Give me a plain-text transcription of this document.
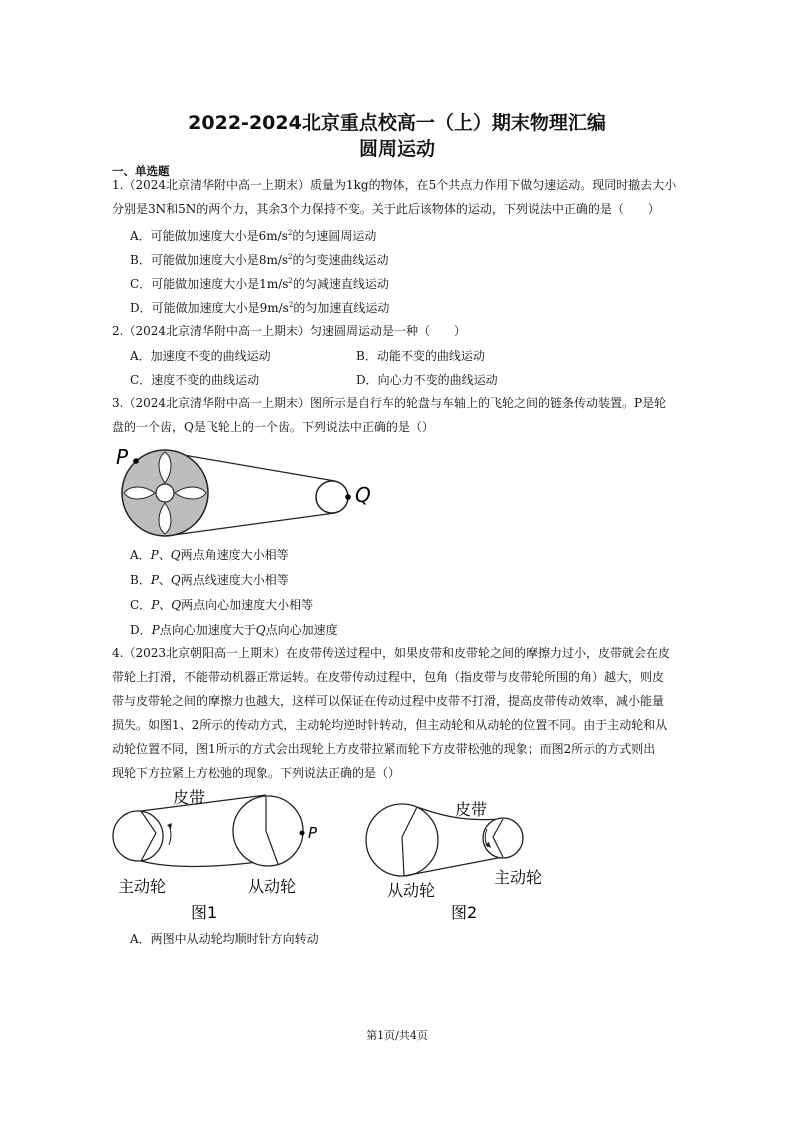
2022-2024北京重点校高一（上）期末物理汇编
圆周运动
一、单选题
1.（2024北京清华附中高一上期末）质量为1kg的物体，在5个共点力作用下做匀速运动。现同时撤去大小
分别是3N和5N的两个力，其余3个力保持不变。关于此后该物体的运动，下列说法中正确的是（　　）
A．可能做加速度大小是$6m/s^2$的匀速圆周运动
B．可能做加速度大小是$8m/s^2$的匀变速曲线运动
C．可能做加速度大小是$1m/s^2$的匀减速直线运动
D．可能做加速度大小是$9m/s^2$的匀加速直线运动
2.（2024北京清华附中高一上期末）匀速圆周运动是一种（　　）
A．加速度不变的曲线运动	B．动能不变的曲线运动
C．速度不变的曲线运动	D．向心力不变的曲线运动
3.（2024北京清华附中高一上期末）图所示是自行车的轮盘与车轴上的飞轮之间的链条传动装置。P是轮
盘的一个齿，Q是飞轮上的一个齿。下列说法中正确的是（）
P
Q
A．P、Q两点角速度大小相等
B．P、Q两点线速度大小相等
C．P、Q两点向心加速度大小相等
D．P点向心加速度大于Q点向心加速度
4.（2023北京朝阳高一上期末）在皮带传送过程中，如果皮带和皮带轮之间的摩擦力过小，皮带就会在皮
带轮上打滑，不能带动机器正常运转。在皮带传动过程中，包角（指皮带与皮带轮所围的角）越大，则皮
带与皮带轮之间的摩擦力也越大，这样可以保证在传动过程中皮带不打滑，提高皮带传动效率，减小能量
损失。如图1、2所示的传动方式，主动轮均逆时针转动，但主动轮和从动轮的位置不同。由于主动轮和从
动轮位置不同，图1所示的方式会出现轮上方皮带拉紧而轮下方皮带松弛的现象；而图2所示的方式则出
现轮下方拉紧上方松弛的现象。下列说法正确的是（）
P
皮带
主动轮	从动轮
图1
皮带
主动轮
从动轮
图2
A．两图中从动轮均顺时针方向转动
第1页/共4页
